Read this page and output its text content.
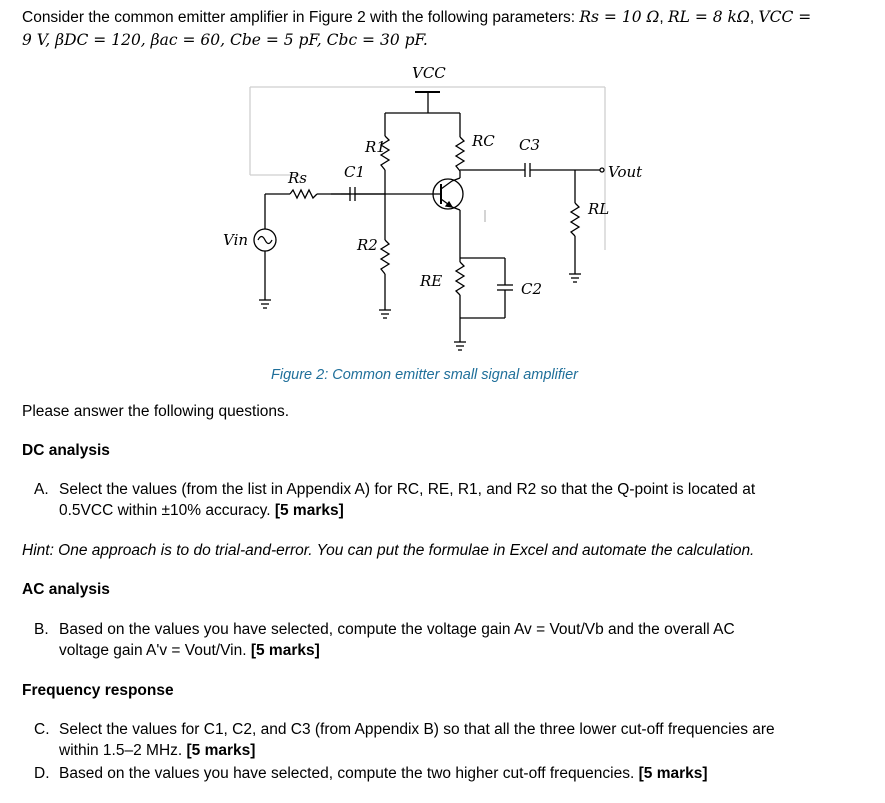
Consider the common emitter amplifier in Figure 2 with the following parameters: Rs = 10 Ω, RL = 8 kΩ, VCC =
9 V, βDC = 120, βac = 60, Cbe = 5 pF, Cbc = 30 pF.
VCC
RC C3
R1
Rs C1	Vout
RL
Vin	R2
RE	C2
Figure 2: Common emitter small signal amplifier
Please answer the following questions.
DC analysis
A. Select the values (from the list in Appendix A) for RC, RE, R1, and R2 so that the Q-point is located at
0.5VCC within ±10% accuracy. [5 marks]
Hint: One approach is to do trial-and-error. You can put the formulae in Excel and automate the calculation.
AC analysis
B. Based on the values you have selected, compute the voltage gain Av = Vout/Vb and the overall AC
voltage gain A'v = Vout/Vin. [5 marks]
Frequency response
C. Select the values for C1, C2, and C3 (from Appendix B) so that all the three lower cut-off frequencies are
within 1.5–2 MHz. [5 marks]
D. Based on the values you have selected, compute the two higher cut-off frequencies. [5 marks]
